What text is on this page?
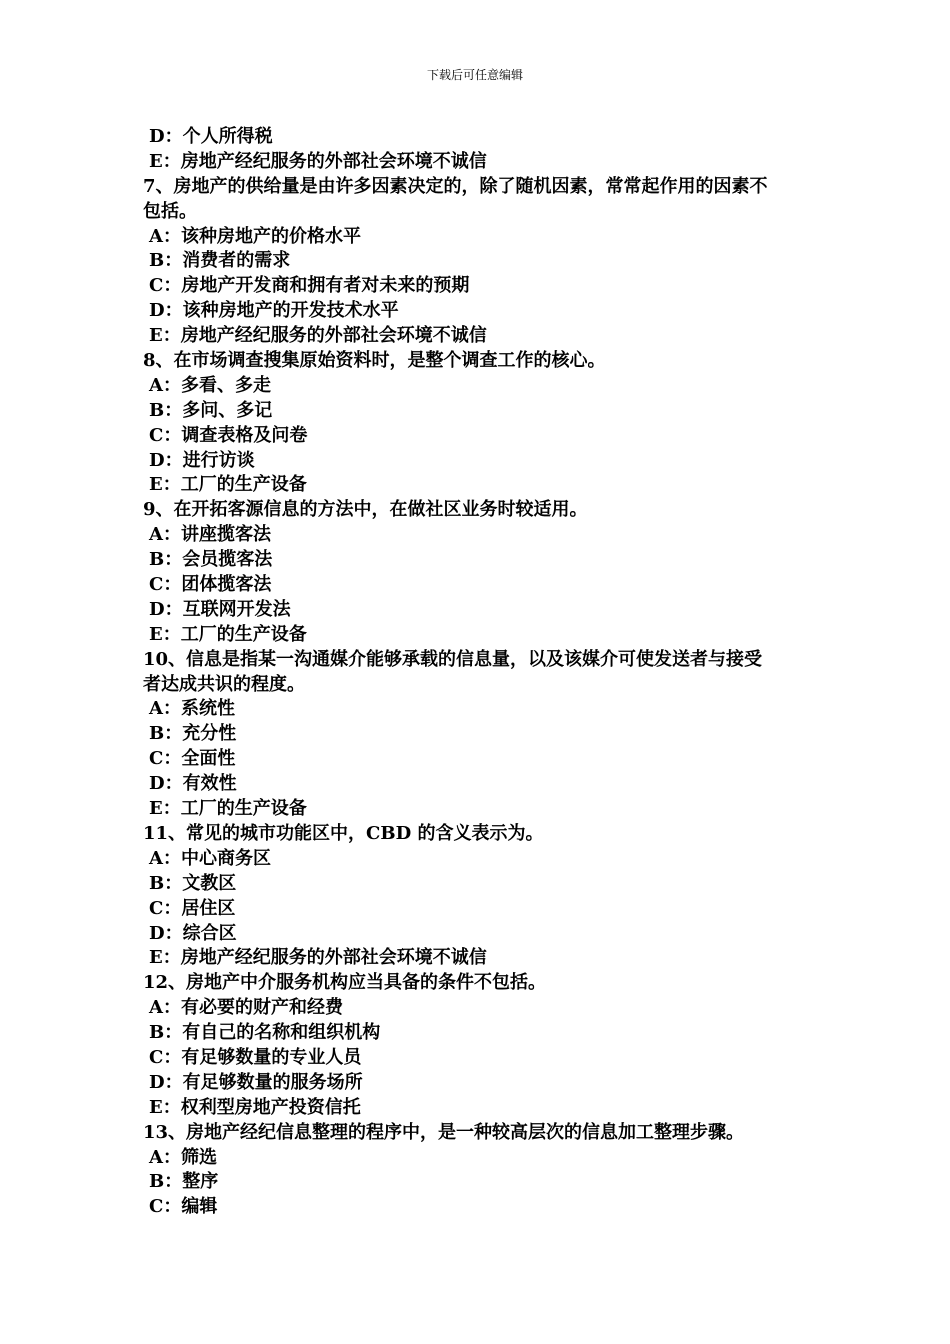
下载后可任意编辑
D：个人所得税
E：房地产经纪服务的外部社会环境不诚信
7、房地产的供给量是由许多因素决定的，除了随机因素，常常起作用的因素不
包括。
A：该种房地产的价格水平
B：消费者的需求
C：房地产开发商和拥有者对未来的预期
D：该种房地产的开发技术水平
E：房地产经纪服务的外部社会环境不诚信
8、在市场调查搜集原始资料时，是整个调查工作的核心。
A：多看、多走
B：多问、多记
C：调查表格及问卷
D：进行访谈
E：工厂的生产设备
9、在开拓客源信息的方法中，在做社区业务时较适用。
A：讲座揽客法
B：会员揽客法
C：团体揽客法
D：互联网开发法
E：工厂的生产设备
10、信息是指某一沟通媒介能够承载的信息量，以及该媒介可使发送者与接受
者达成共识的程度。
A：系统性
B：充分性
C：全面性
D：有效性
E：工厂的生产设备
11、常见的城市功能区中，CBD 的含义表示为。
A：中心商务区
B：文教区
C：居住区
D：综合区
E：房地产经纪服务的外部社会环境不诚信
12、房地产中介服务机构应当具备的条件不包括。
A：有必要的财产和经费
B：有自己的名称和组织机构
C：有足够数量的专业人员
D：有足够数量的服务场所
E：权利型房地产投资信托
13、房地产经纪信息整理的程序中，是一种较高层次的信息加工整理步骤。
A：筛选
B：整序
C：编辑
